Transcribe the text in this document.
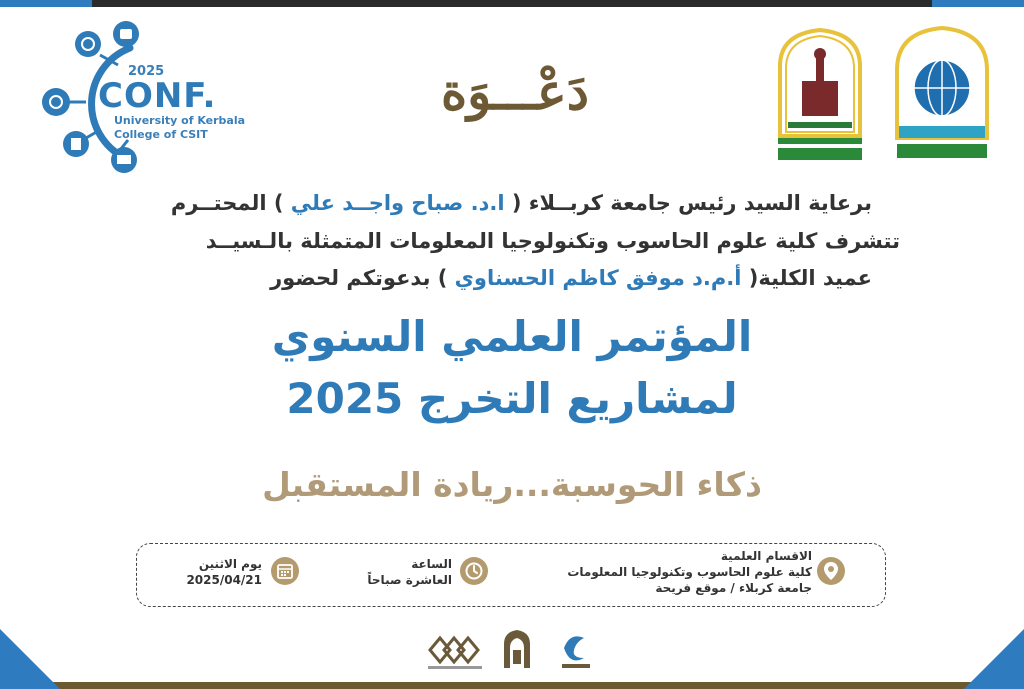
2025
CONF.
University of Kerbala
College of CSIT
دَعْـــوَة
برعاية السيد رئيس جامعة كربــلاء ( ا.د. صباح واجــد علي ) المحتــرم
تتشرف كلية علوم الحاسوب وتكنولوجيا المعلومات المتمثلة بالـسيــد
عميد الكلية( أ.م.د موفق كاظم الحسناوي ) بدعوتكم لحضور
المؤتمر العلمي السنوي
لمشاريع التخرج 2025
ذكاء الحوسبة...ريادة المستقبل
الاقسام العلمية
كلية علوم الحاسوب وتكنولوجيا المعلومات
جامعة كربلاء / موقع فريحة
الساعة
العاشرة صباحاً
يوم الاثنين
2025/04/21
